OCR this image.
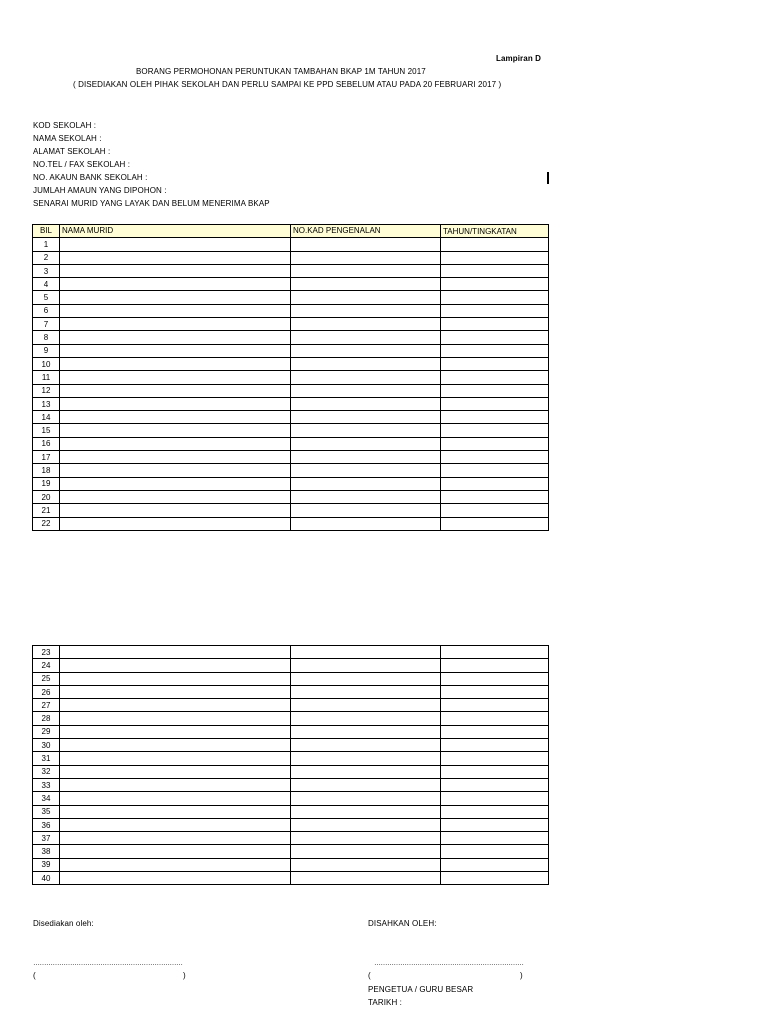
Lampiran D
BORANG PERMOHONAN PERUNTUKAN TAMBAHAN BKAP 1M TAHUN 2017
( DISEDIAKAN OLEH PIHAK SEKOLAH DAN PERLU SAMPAI KE PPD SEBELUM ATAU PADA 20 FEBRUARI 2017 )
KOD SEKOLAH :
NAMA SEKOLAH :
ALAMAT SEKOLAH :
NO.TEL / FAX SEKOLAH :
NO. AKAUN BANK SEKOLAH :
JUMLAH AMAUN YANG DIPOHON :
SENARAI MURID YANG LAYAK DAN BELUM MENERIMA BKAP
BIL	NAMA MURID	NO.KAD PENGENALAN	TAHUN/TINGKATAN
1			
2			
3			
4			
5			
6			
7			
8			
9			
10			
11			
12			
13			
14			
15			
16			
17			
18			
19			
20			
21			
22			
23			
24			
25			
26			
27			
28			
29			
30			
31			
32			
33			
34			
35			
36			
37			
38			
39			
40			
Disediakan oleh:	DISAHKAN OLEH:
……………………………………………………………	……………………………………………………………
(	)	(	)
PENGETUA / GURU BESAR
TARIKH :
